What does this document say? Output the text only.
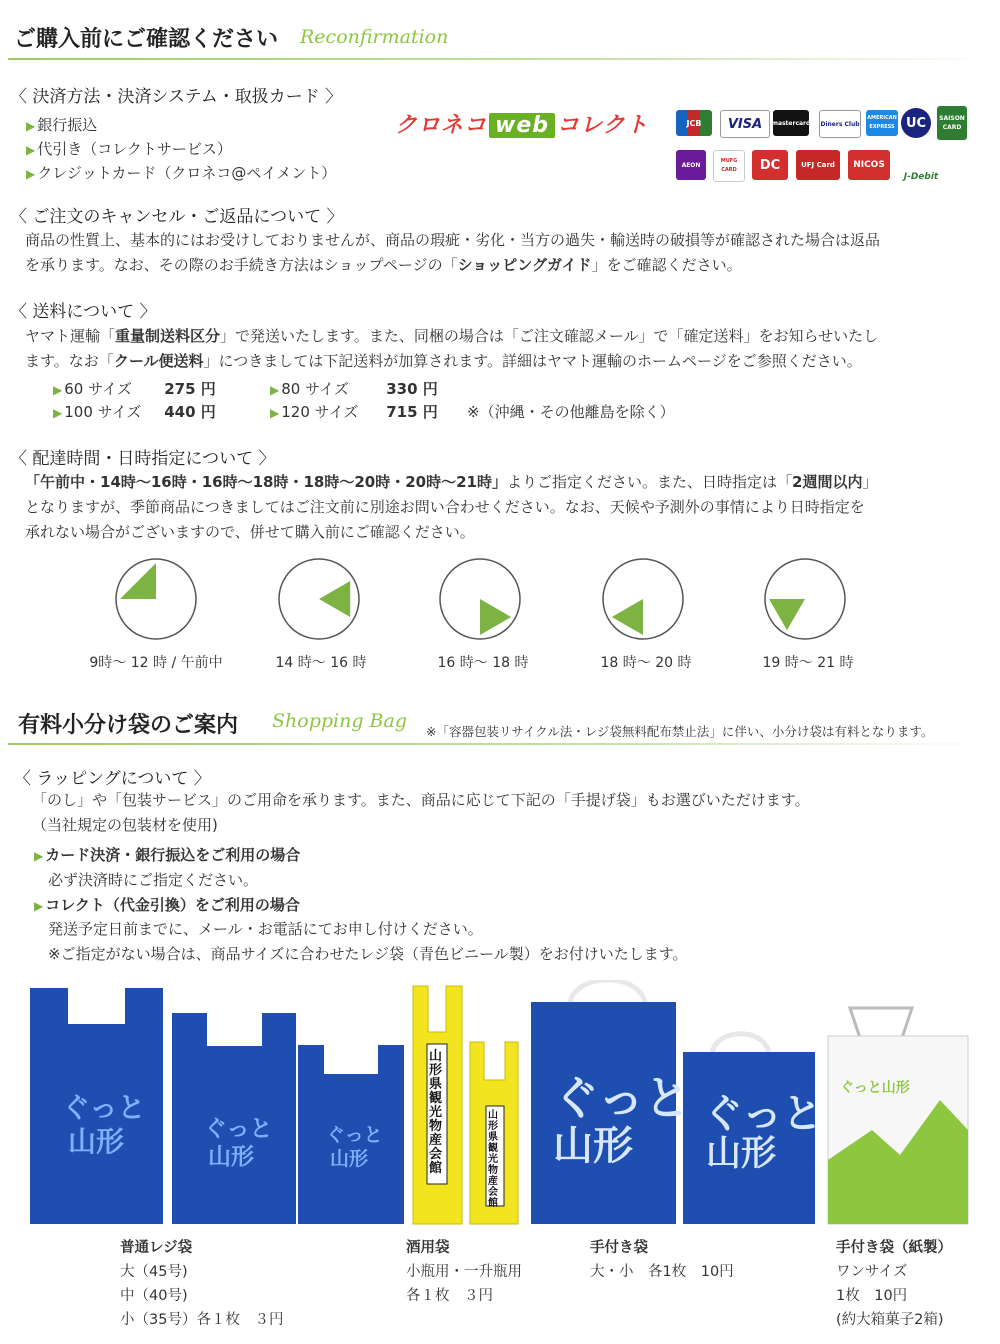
ご購入前にご確認ください Reconfirmation
〈 決済方法・決済システム・取扱カード 〉
▶ 銀行振込
▶ 代引き（コレクトサービス）
▶ クレジットカード（クロネコ@ペイメント）
クロネコ web コレクト	JCB	VISA	mastercard Diners Club
AMERICAN EXPRESS UC	SAISON CARD
AEON
MUFG CARD	DC	UFJ Card	NICOS
J-Debit
〈 ご注文のキャンセル・ご返品について 〉
商品の性質上、基本的にはお受けしておりませんが、商品の瑕疵・劣化・当方の過失・輸送時の破損等が確認された場合は返品
を承ります。なお、その際のお手続き方法はショップページの「ショッピングガイド」をご確認ください。
〈 送料について 〉
ヤマト運輸「重量制送料区分」で発送いたします。また、同梱の場合は「ご注文確認メール」で「確定送料」をお知らせいたし
ます。なお「クール便送料」につきましては下記送料が加算されます。詳細はヤマト運輸のホームページをご参照ください。
▶60 サイズ 275 円	▶80 サイズ 330 円
▶ 100 サイズ 440 円	▶ 120 サイズ 715 円 ※（沖縄・その他離島を除く）
〈 配達時間・日時指定について 〉
「午前中・14時〜16時・16時〜18時・18時〜20時・20時〜21時」よりご指定ください。また、日時指定は「2週間以内」
となりますが、季節商品につきましてはご注文前に別途お問い合わせください。なお、天候や予測外の事情により日時指定を
承れない場合がございますので、併せて購入前にご確認ください。
9時〜 12 時 / 午前中	14 時〜 16 時	16 時〜 18 時	18 時〜 20 時	19 時〜 21 時
有料小分け袋のご案内 Shopping Bag ※「容器包装リサイクル法・レジ袋無料配布禁止法」に伴い、小分け袋は有料となります。
〈 ラッピングについて 〉
「のし」や「包装サービス」のご用命を承ります。また、商品に応じて下記の「手提げ袋」もお選びいただけます。
（当社規定の包装材を使用)
▶ カード決済・銀行振込をご利用の場合
必ず決済時にご指定ください。
▶ コレクト（代金引換）をご利用の場合
発送予定日前までに、メール・お電話にてお申し付けください。
※ご指定がない場合は、商品サイズに合わせたレジ袋（青色ビニール製）をお付けいたします。
ぐっと
山形	ぐっと
山形
ぐっと
山形
山形県観光物産会館
山形県観光物産会館
ぐっと
山形
ぐっと
山形
ぐっと山形
普通レジ袋
大（45号)
中（40号)
小（35号）各１枚　３円
酒用袋
小瓶用・一升瓶用
各１枚　３円
手付き袋
大・小　各1枚　10円
手付き袋（紙製）
ワンサイズ
1枚　10円
(約大箱菓子2箱)
